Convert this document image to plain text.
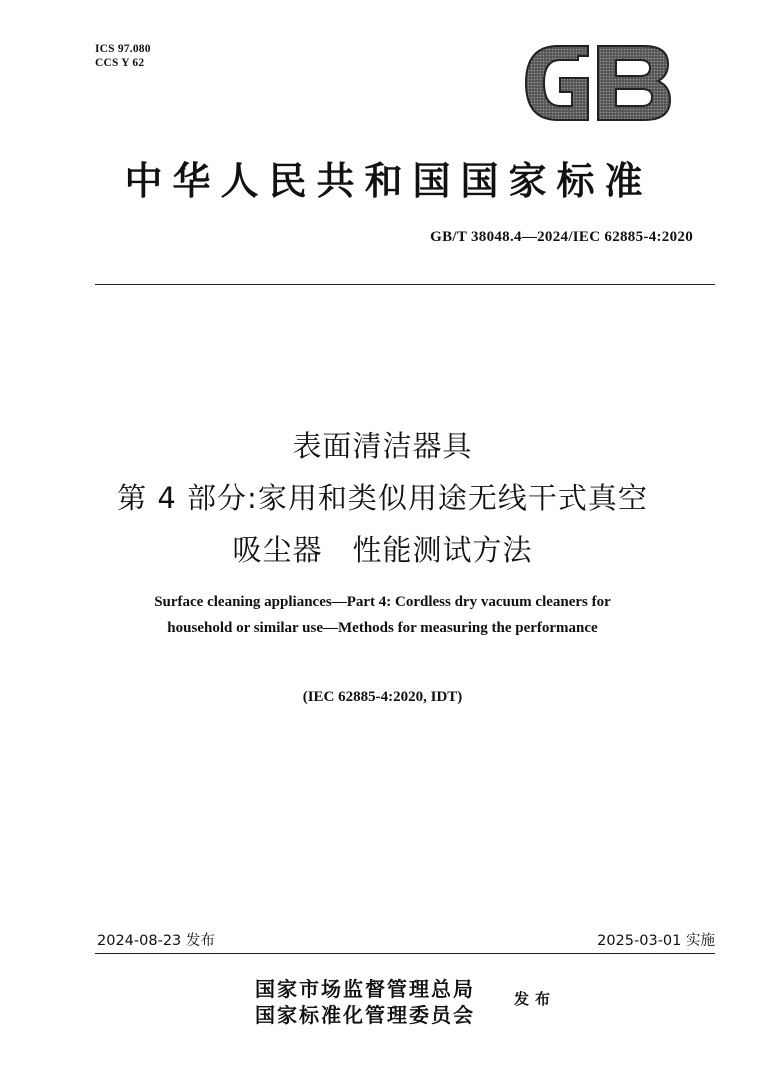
ICS 97.080
CCS Y 62
中华人民共和国国家标准
GB/T 38048.4—2024/IEC 62885-4:2020
表面清洁器具
第 4 部分:家用和类似用途无线干式真空
吸尘器　性能测试方法
Surface cleaning appliances—Part 4: Cordless dry vacuum cleaners for
household or similar use—Methods for measuring the performance
(IEC 62885-4:2020, IDT)
2024-08-23 发布	2025-03-01 实施
国家市场监督管理总局
国家标准化管理委员会
发布
